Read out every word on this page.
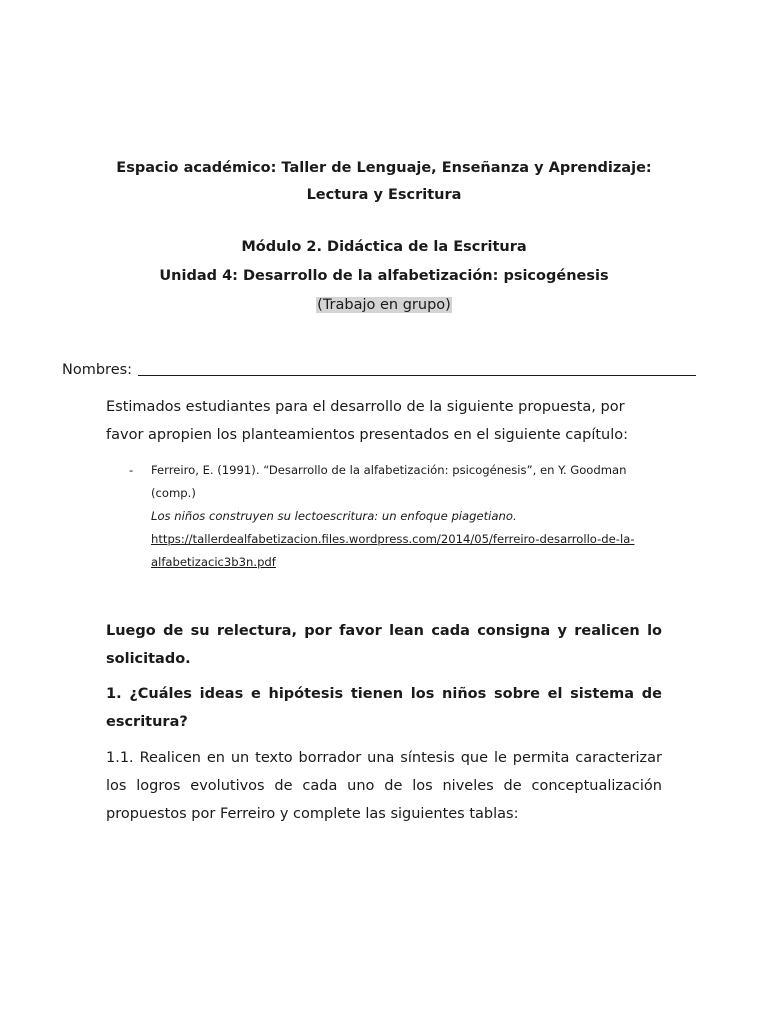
Espacio académico: Taller de Lenguaje, Enseñanza y Aprendizaje:
Lectura y Escritura
Módulo 2. Didáctica de la Escritura
Unidad 4: Desarrollo de la alfabetización: psicogénesis
(Trabajo en grupo)
Nombres:
Estimados estudiantes para el desarrollo de la siguiente propuesta, por favor apropien los planteamientos presentados en el siguiente capítulo:
- Ferreiro, E. (1991). “Desarrollo de la alfabetización: psicogénesis”, en Y. Goodman (comp.)
Los niños construyen su lectoescritura: un enfoque piagetiano.
https://tallerdealfabetizacion.files.wordpress.com/2014/05/ferreiro-desarrollo-de-la-
alfabetizacic3b3n.pdf
Luego de su relectura, por favor lean cada consigna y realicen lo solicitado.
1. ¿Cuáles ideas e hipótesis tienen los niños sobre el sistema de escritura?
1.1. Realicen en un texto borrador una síntesis que le permita caracterizar los logros evolutivos de cada uno de los niveles de conceptualización propuestos por Ferreiro y complete las siguientes tablas:
